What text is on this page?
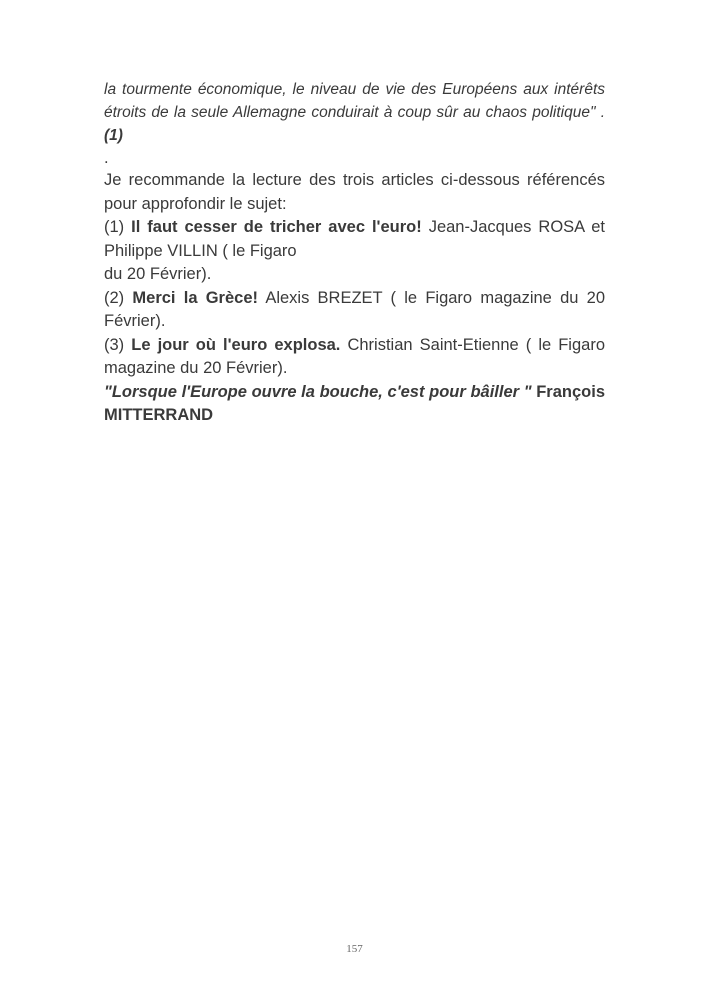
la tourmente économique, le niveau de vie des Européens aux intérêts
étroits de la seule Allemagne conduirait à coup sûr au chaos politique" . (1)
.
Je recommande la lecture des trois articles ci-dessous référencés
pour approfondir le sujet:
(1) Il faut cesser de tricher avec l'euro! Jean-Jacques ROSA et
Philippe VILLIN ( le Figaro
du 20 Février).
(2) Merci la Grèce! Alexis BREZET ( le Figaro magazine du 20
Février).
(3) Le jour où l'euro explosa. Christian Saint-Etienne ( le Figaro
magazine du 20 Février).
"Lorsque l'Europe ouvre la bouche, c'est pour bâiller " François
MITTERRAND
157
